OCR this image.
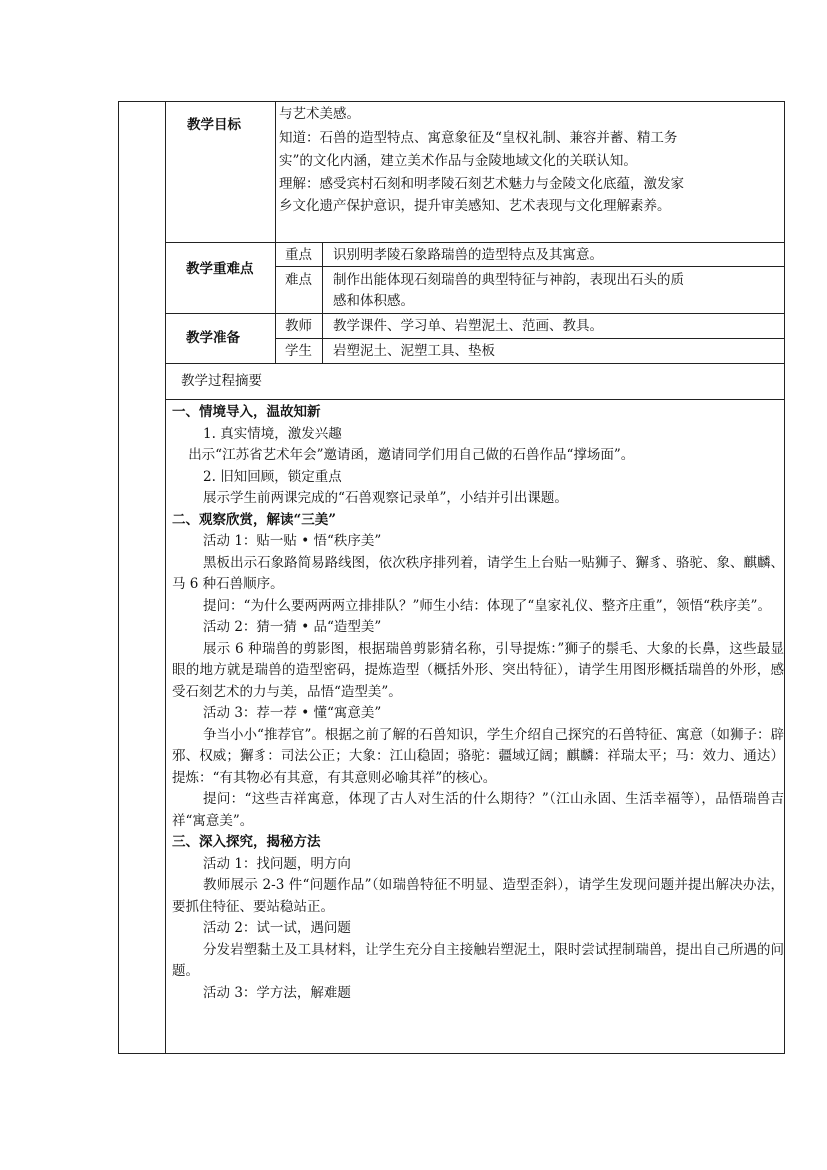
教学目标
与艺术美感。
知道：石兽的造型特点、寓意象征及“皇权礼制、兼容并蓄、精工务
实”的文化内涵，建立美术作品与金陵地域文化的关联认知。
理解：感受宾村石刻和明孝陵石刻艺术魅力与金陵文化底蕴，激发家
乡文化遗产保护意识，提升审美感知、艺术表现与文化理解素养。
教学重难点
重点 识别明孝陵石象路瑞兽的造型特点及其寓意。
难点 制作出能体现石刻瑞兽的典型特征与神韵，表现出石头的质
感和体积感。
教学准备
教师 教学课件、学习单、岩塑泥土、范画、教具。
学生 岩塑泥土、泥塑工具、垫板
教学过程摘要
一、情境导入，温故知新
1. 真实情境，激发兴趣
出示“江苏省艺术年会”邀请函，邀请同学们用自己做的石兽作品“撑场面”。
2. 旧知回顾，锁定重点
展示学生前两课完成的“石兽观察记录单”，小结并引出课题。
二、观察欣赏，解读“三美”
活动 1：贴一贴 • 悟“秩序美”
黑板出示石象路简易路线图，依次秩序排列着，请学生上台贴一贴狮子、獬豸、骆驼、象、麒麟、马 6 种石兽顺序。
提问：“为什么要两两两立排排队？”师生小结：体现了“皇家礼仪、整齐庄重”，领悟“秩序美”。
活动 2：猜一猜 • 品“造型美”
展示 6 种瑞兽的剪影图，根据瑞兽剪影猜名称，引导提炼：”狮子的鬃毛、大象的长鼻，这些最显眼的地方就是瑞兽的造型密码，提炼造型（概括外形、突出特征），请学生用图形概括瑞兽的外形，感受石刻艺术的力与美，品悟“造型美”。
活动 3：荐一荐 • 懂“寓意美”
争当小小“推荐官”。根据之前了解的石兽知识，学生介绍自己探究的石兽特征、寓意（如狮子：辟邪、权威；獬豸：司法公正；大象：江山稳固；骆驼：疆域辽阔；麒麟：祥瑞太平；马：效力、通达）提炼：“有其物必有其意，有其意则必喻其祥”的核心。
提问：“这些吉祥寓意，体现了古人对生活的什么期待？”（江山永固、生活幸福等），品悟瑞兽吉祥“寓意美”。
三、深入探究，揭秘方法
活动 1：找问题，明方向
教师展示 2-3 件“问题作品”（如瑞兽特征不明显、造型歪斜），请学生发现问题并提出解决办法，要抓住特征、要站稳站正。
活动 2：试一试，遇问题
分发岩塑黏土及工具材料，让学生充分自主接触岩塑泥土，限时尝试捏制瑞兽，提出自己所遇的问题。
活动 3：学方法，解难题
